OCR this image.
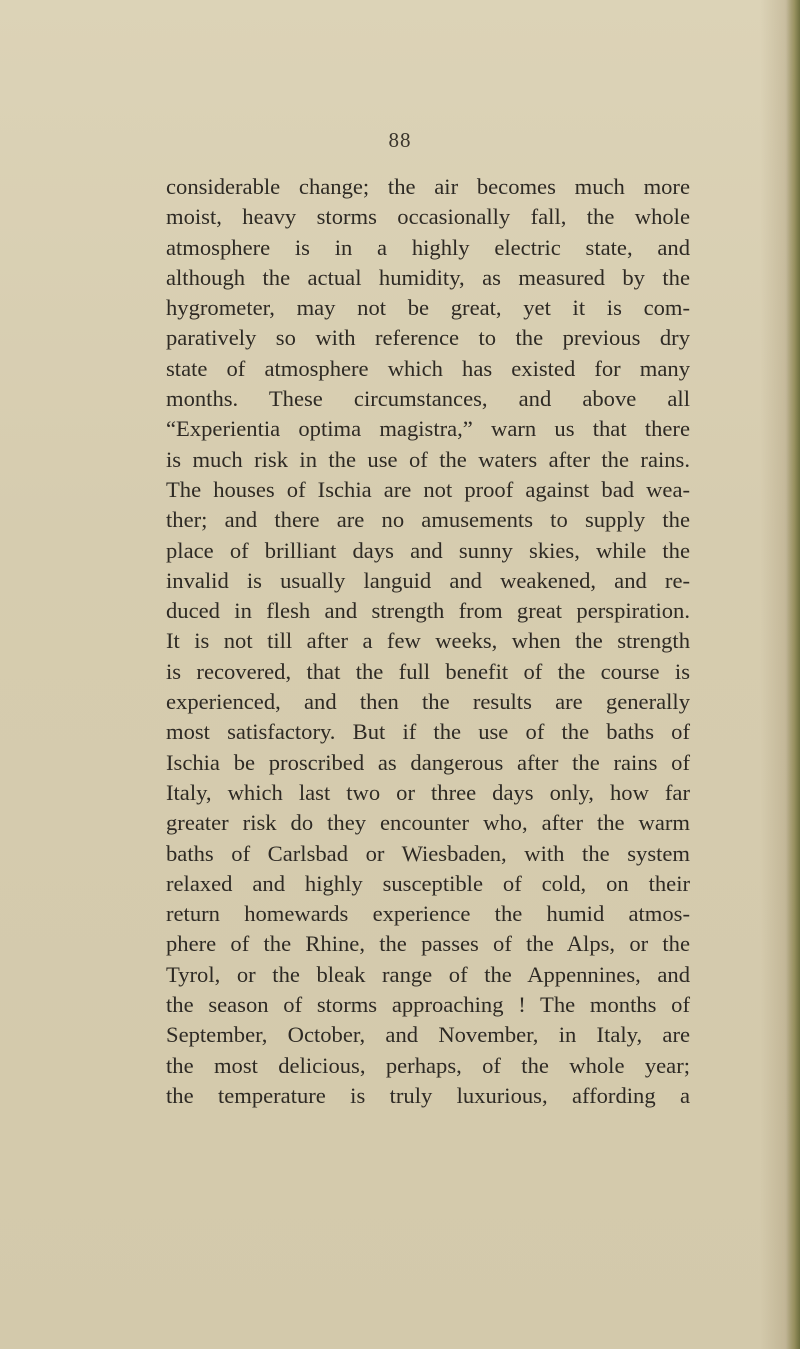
88
considerable change; the air becomes much more
moist, heavy storms occasionally fall, the whole
atmosphere is in a highly electric state, and
although the actual humidity, as measured by the
hygrometer, may not be great, yet it is com-
paratively so with reference to the previous dry
state of atmosphere which has existed for many
months. These circumstances, and above all
“Experientia optima magistra,” warn us that there
is much risk in the use of the waters after the rains.
The houses of Ischia are not proof against bad wea-
ther; and there are no amusements to supply the
place of brilliant days and sunny skies, while the
invalid is usually languid and weakened, and re-
duced in flesh and strength from great perspiration.
It is not till after a few weeks, when the strength
is recovered, that the full benefit of the course is
experienced, and then the results are generally
most satisfactory. But if the use of the baths of
Ischia be proscribed as dangerous after the rains of
Italy, which last two or three days only, how far
greater risk do they encounter who, after the warm
baths of Carlsbad or Wiesbaden, with the system
relaxed and highly susceptible of cold, on their
return homewards experience the humid atmos-
phere of the Rhine, the passes of the Alps, or the
Tyrol, or the bleak range of the Appennines, and
the season of storms approaching ! The months of
September, October, and November, in Italy, are
the most delicious, perhaps, of the whole year;
the temperature is truly luxurious, affording a
